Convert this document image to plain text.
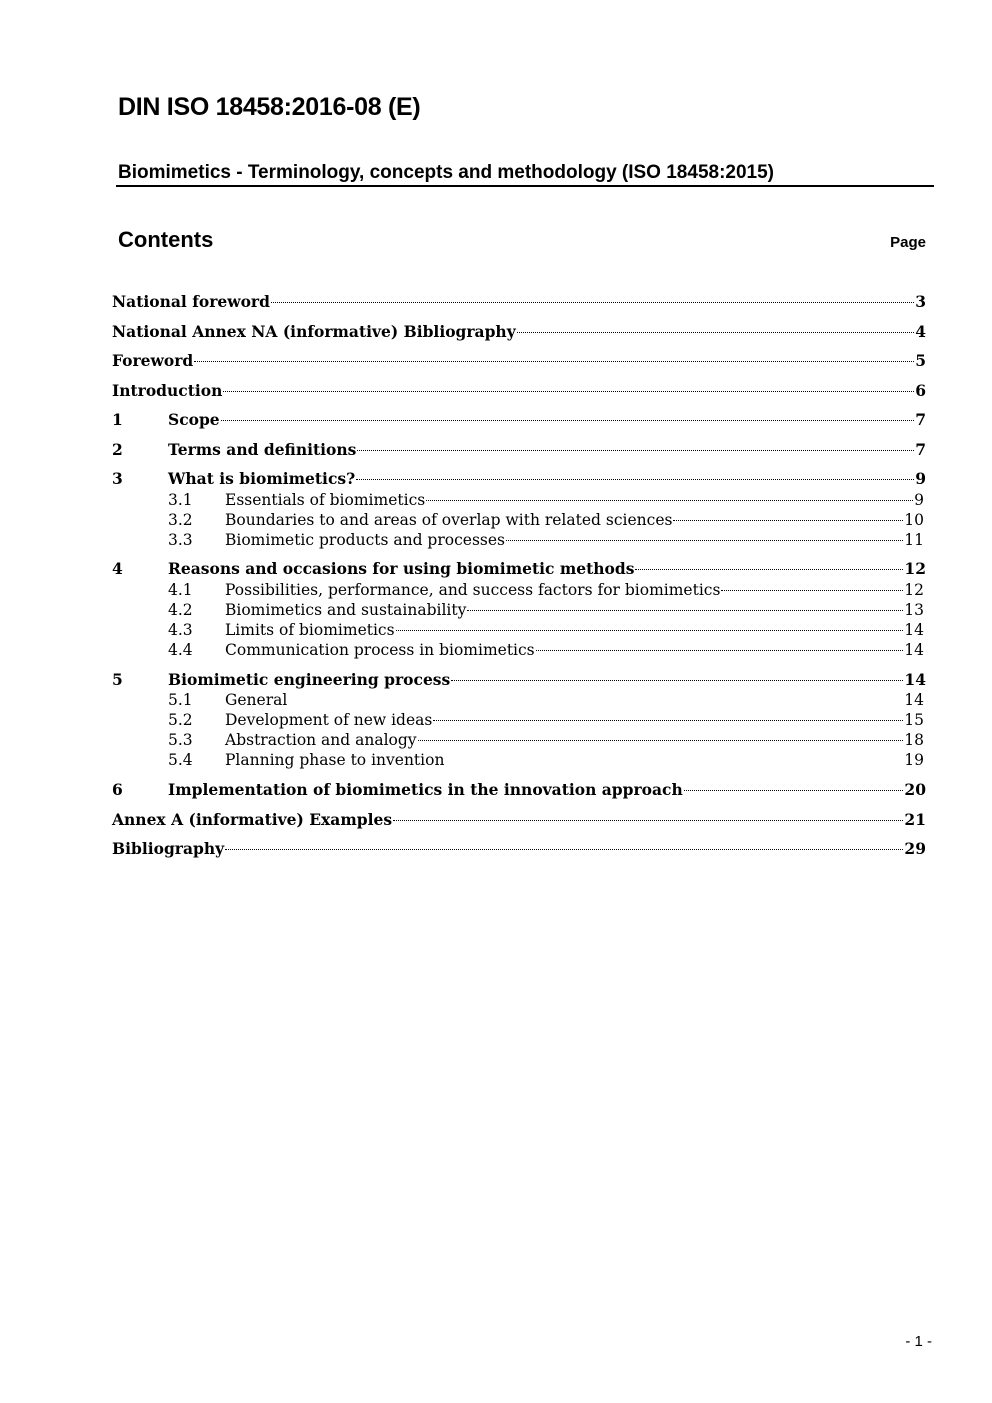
DIN ISO 18458:2016-08 (E)

Biomimetics - Terminology, concepts and methodology (ISO 18458:2015)

Contents	Page
National foreword	3
National Annex NA (informative) Bibliography	4
Foreword	5
Introduction	6
1	Scope	7
2	Terms and definitions	7
3	What is biomimetics?	9
3.1	Essentials of biomimetics	9
3.2	Boundaries to and areas of overlap with related sciences	10
3.3	Biomimetic products and processes	11
4	Reasons and occasions for using biomimetic methods	12
4.1	Possibilities, performance, and success factors for biomimetics	12
4.2	Biomimetics and sustainability	13
4.3	Limits of biomimetics	14
4.4	Communication process in biomimetics	14
5	Biomimetic engineering process	14
5.1	General	14
5.2	Development of new ideas	15
5.3	Abstraction and analogy	18
5.4	Planning phase to invention	19
6	Implementation of biomimetics in the innovation approach	20
Annex A (informative) Examples	21
Bibliography	29
- 1 -
